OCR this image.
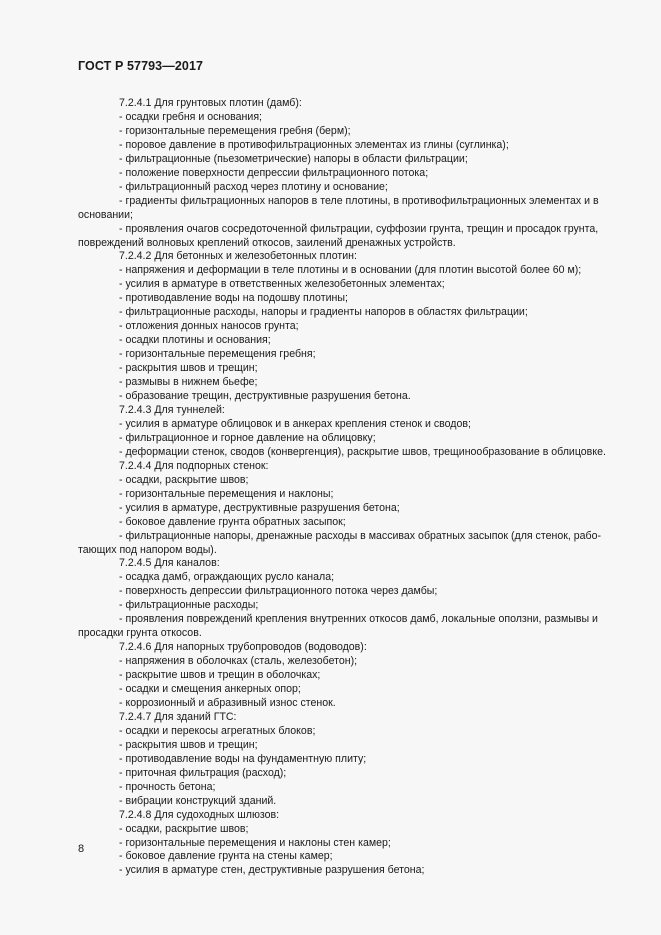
ГОСТ Р 57793—2017
7.2.4.1 Для грунтовых плотин (дамб):
- осадки гребня и основания;
- горизонтальные перемещения гребня (берм);
- поровое давление в противофильтрационных элементах из глины (суглинка);
- фильтрационные (пьезометрические) напоры в области фильтрации;
- положение поверхности депрессии фильтрационного потока;
- фильтрационный расход через плотину и основание;
- градиенты фильтрационных напоров в теле плотины, в противофильтрационных элементах и в основании;
- проявления очагов сосредоточенной фильтрации, суффозии грунта, трещин и просадок грунта, повреждений волновых креплений откосов, заилений дренажных устройств.
7.2.4.2 Для бетонных и железобетонных плотин:
- напряжения и деформации в теле плотины и в основании (для плотин высотой более 60 м);
- усилия в арматуре в ответственных железобетонных элементах;
- противодавление воды на подошву плотины;
- фильтрационные расходы, напоры и градиенты напоров в областях фильтрации;
- отложения донных наносов грунта;
- осадки плотины и основания;
- горизонтальные перемещения гребня;
- раскрытия швов и трещин;
- размывы в нижнем бьефе;
- образование трещин, деструктивные разрушения бетона.
7.2.4.3 Для туннелей:
- усилия в арматуре облицовок и в анкерах крепления стенок и сводов;
- фильтрационное и горное давление на облицовку;
- деформации стенок, сводов (конвергенция), раскрытие швов, трещинообразование в облицовке.
7.2.4.4 Для подпорных стенок:
- осадки, раскрытие швов;
- горизонтальные перемещения и наклоны;
- усилия в арматуре, деструктивные разрушения бетона;
- боковое давление грунта обратных засыпок;
- фильтрационные напоры, дренажные расходы в массивах обратных засыпок (для стенок, рабо-тающих под напором воды).
7.2.4.5 Для каналов:
- осадка дамб, ограждающих русло канала;
- поверхность депрессии фильтрационного потока через дамбы;
- фильтрационные расходы;
- проявления повреждений крепления внутренних откосов дамб, локальные оползни, размывы и просадки грунта откосов.
7.2.4.6 Для напорных трубопроводов (водоводов):
- напряжения в оболочках (сталь, железобетон);
- раскрытие швов и трещин в оболочках;
- осадки и смещения анкерных опор;
- коррозионный и абразивный износ стенок.
7.2.4.7 Для зданий ГТС:
- осадки и перекосы агрегатных блоков;
- раскрытия швов и трещин;
- противодавление воды на фундаментную плиту;
- приточная фильтрация (расход);
- прочность бетона;
- вибрации конструкций зданий.
7.2.4.8 Для судоходных шлюзов:
- осадки, раскрытие швов;
- горизонтальные перемещения и наклоны стен камер;
- боковое давление грунта на стены камер;
- усилия в арматуре стен, деструктивные разрушения бетона;
8
